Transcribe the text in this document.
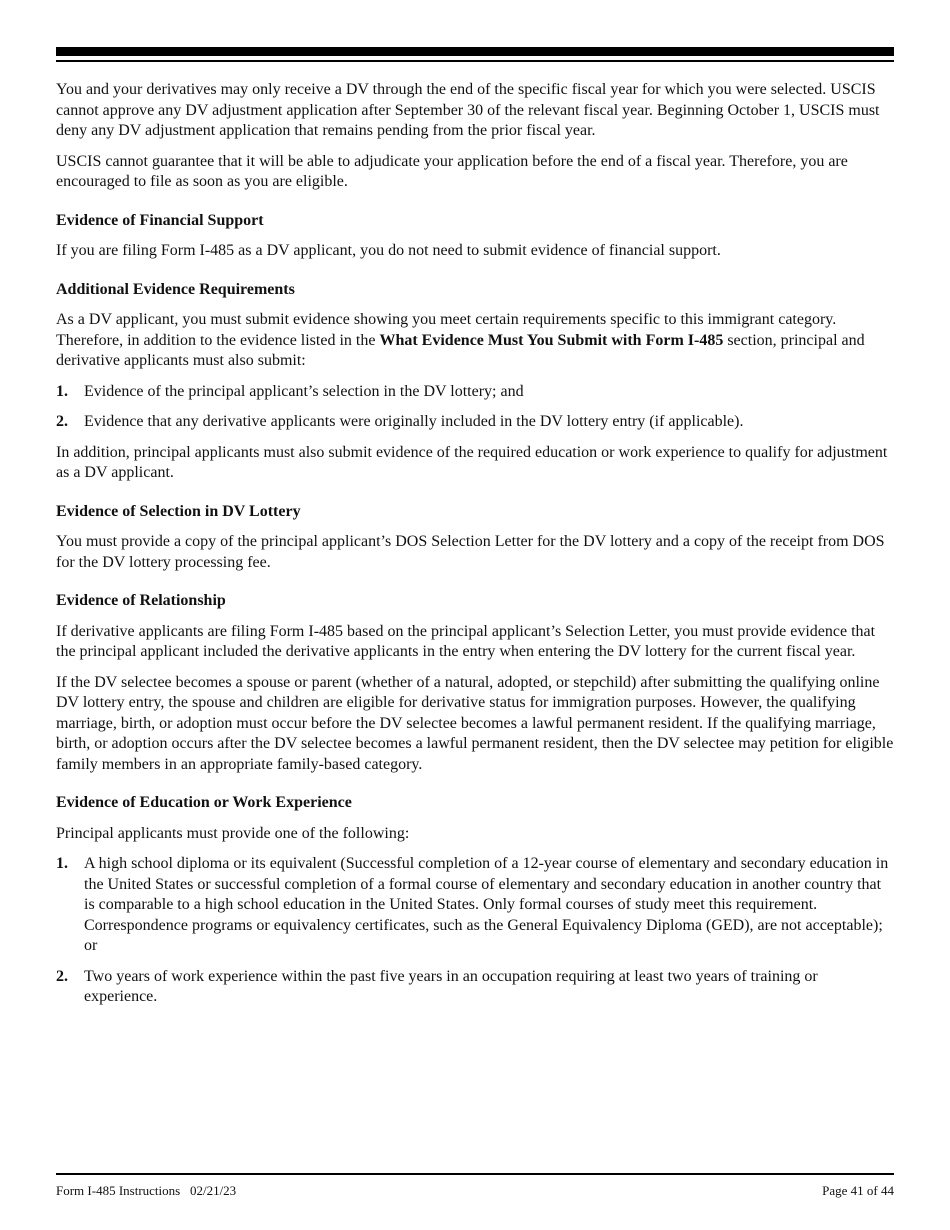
You and your derivatives may only receive a DV through the end of the specific fiscal year for which you were selected. USCIS cannot approve any DV adjustment application after September 30 of the relevant fiscal year. Beginning October 1, USCIS must deny any DV adjustment application that remains pending from the prior fiscal year.

USCIS cannot guarantee that it will be able to adjudicate your application before the end of a fiscal year. Therefore, you are encouraged to file as soon as you are eligible.

Evidence of Financial Support

If you are filing Form I-485 as a DV applicant, you do not need to submit evidence of financial support.

Additional Evidence Requirements

As a DV applicant, you must submit evidence showing you meet certain requirements specific to this immigrant category. Therefore, in addition to the evidence listed in the What Evidence Must You Submit with Form I-485 section, principal and derivative applicants must also submit:

1. Evidence of the principal applicant’s selection in the DV lottery; and
2. Evidence that any derivative applicants were originally included in the DV lottery entry (if applicable).

In addition, principal applicants must also submit evidence of the required education or work experience to qualify for adjustment as a DV applicant.

Evidence of Selection in DV Lottery

You must provide a copy of the principal applicant’s DOS Selection Letter for the DV lottery and a copy of the receipt from DOS for the DV lottery processing fee.

Evidence of Relationship

If derivative applicants are filing Form I-485 based on the principal applicant’s Selection Letter, you must provide evidence that the principal applicant included the derivative applicants in the entry when entering the DV lottery for the current fiscal year.

If the DV selectee becomes a spouse or parent (whether of a natural, adopted, or stepchild) after submitting the qualifying online DV lottery entry, the spouse and children are eligible for derivative status for immigration purposes. However, the qualifying marriage, birth, or adoption must occur before the DV selectee becomes a lawful permanent resident. If the qualifying marriage, birth, or adoption occurs after the DV selectee becomes a lawful permanent resident, then the DV selectee may petition for eligible family members in an appropriate family-based category.

Evidence of Education or Work Experience

Principal applicants must provide one of the following:

1. A high school diploma or its equivalent (Successful completion of a 12-year course of elementary and secondary education in the United States or successful completion of a formal course of elementary and secondary education in another country that is comparable to a high school education in the United States. Only formal courses of study meet this requirement. Correspondence programs or equivalency certificates, such as the General Equivalency Diploma (GED), are not acceptable); or
2. Two years of work experience within the past five years in an occupation requiring at least two years of training or experience.
Form I-485 Instructions   02/21/23	Page 41 of 44
